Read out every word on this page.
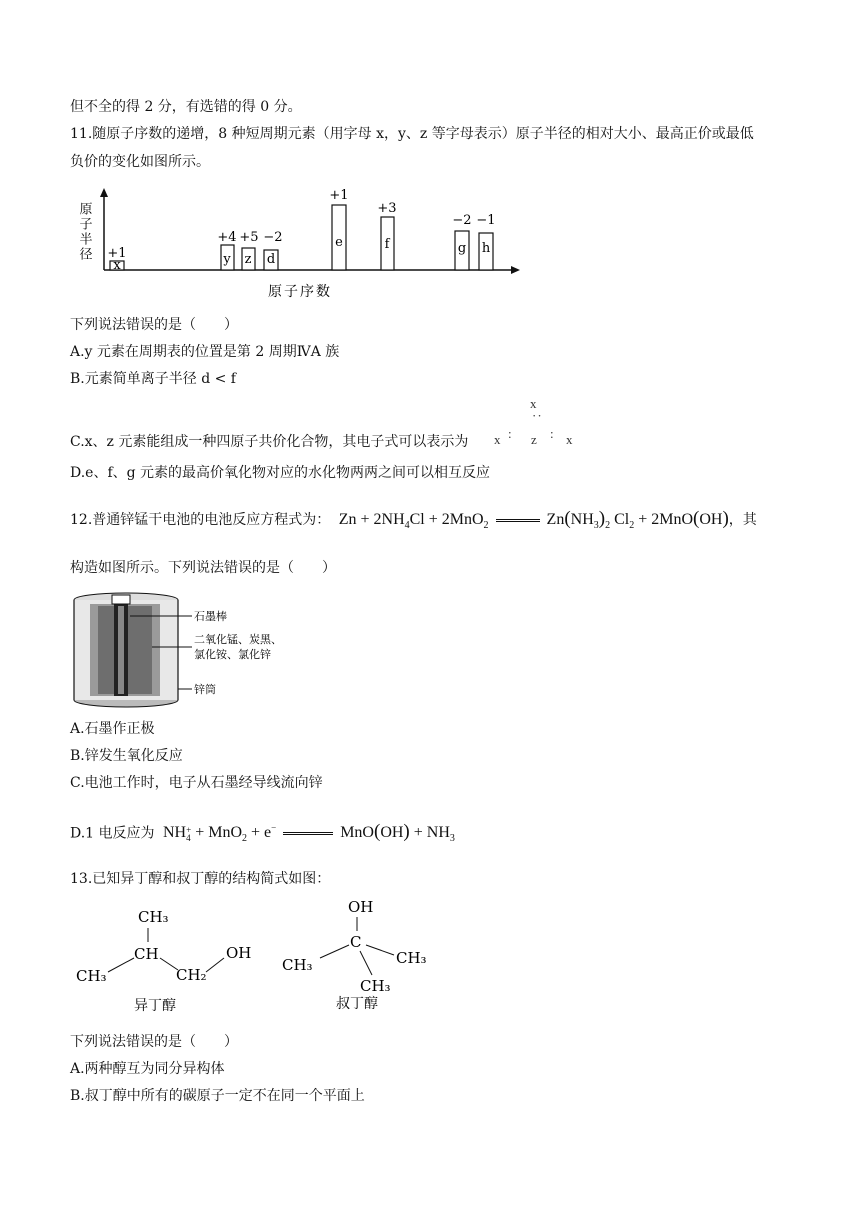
但不全的得 2 分，有选错的得 0 分。
11.随原子序数的递增，8 种短周期元素（用字母 x，y、z 等字母表示）原子半径的相对大小、最高正价或最低
负价的变化如图所示。
原子半径
x	y z d
e	f	g h
+1
+4 +5 −2
+1
+3
−2 −1
原子序数
下列说法错误的是（　　）
A.y 元素在周期表的位置是第 2 周期ⅣA 族
B.元素简单离子半径 d < f
x
··
x : z : x
C.x、z 元素能组成一种四原子共价化合物，其电子式可以表示为
D.e、f、g 元素的最高价氧化物对应的水化物两两之间可以相互反应
12.普通锌锰干电池的电池反应方程式为： $Zn + 2NH_4Cl + 2MnO_2$	$Zn(NH_3)_2$ $Cl_2 + 2MnO(OH)$，其
构造如图所示。下列说法错误的是（　　）
石墨棒
二氧化锰、炭黑、
氯化铵、氯化锌
锌筒
A.石墨作正极
B.锌发生氧化反应
C.电池工作时，电子从石墨经导线流向锌
D.1 电反应为 NH+
4 + MnO$_2$ + e−	$MnO(OH) + NH_3$
13.已知异丁醇和叔丁醇的结构简式如图：
CH₃
CH
CH₃	CH₂
OH
异丁醇
OH
C
CH₃	CH₃
CH₃
叔丁醇
下列说法错误的是（　　）
A.两种醇互为同分异构体
B.叔丁醇中所有的碳原子一定不在同一个平面上
